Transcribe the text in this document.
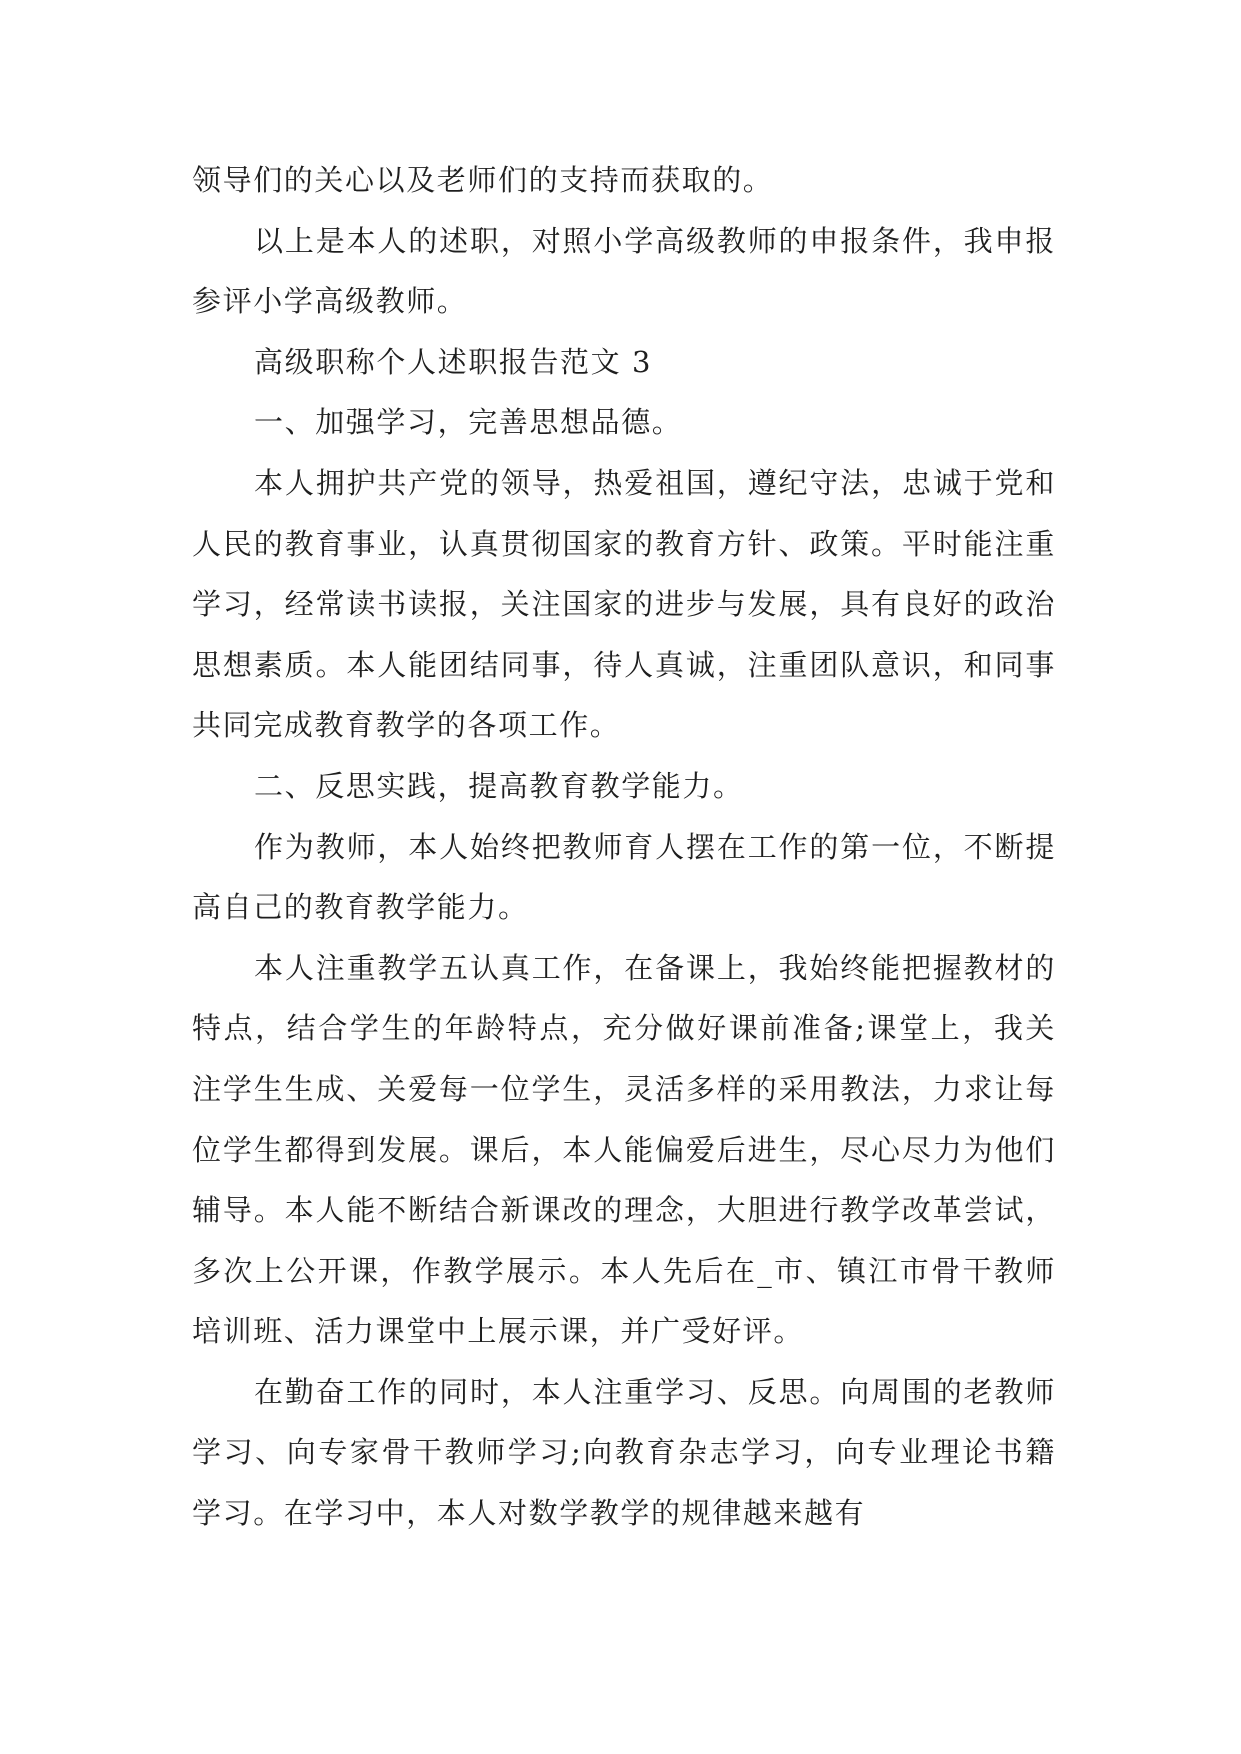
领导们的关心以及老师们的支持而获取的。

以上是本人的述职，对照小学高级教师的申报条件，我申报参评小学高级教师。

高级职称个人述职报告范文 3

一、加强学习，完善思想品德。

本人拥护共产党的领导，热爱祖国，遵纪守法，忠诚于党和人民的教育事业，认真贯彻国家的教育方针、政策。平时能注重学习，经常读书读报，关注国家的进步与发展，具有良好的政治思想素质。本人能团结同事，待人真诚，注重团队意识，和同事共同完成教育教学的各项工作。

二、反思实践，提高教育教学能力。

作为教师，本人始终把教师育人摆在工作的第一位，不断提高自己的教育教学能力。

本人注重教学五认真工作，在备课上，我始终能把握教材的特点，结合学生的年龄特点，充分做好课前准备;课堂上，我关注学生生成、关爱每一位学生，灵活多样的采用教法，力求让每位学生都得到发展。课后，本人能偏爱后进生，尽心尽力为他们辅导。本人能不断结合新课改的理念，大胆进行教学改革尝试，多次上公开课，作教学展示。本人先后在_市、镇江市骨干教师培训班、活力课堂中上展示课，并广受好评。

在勤奋工作的同时，本人注重学习、反思。向周围的老教师学习、向专家骨干教师学习;向教育杂志学习，向专业理论书籍学习。在学习中，本人对数学教学的规律越来越有
